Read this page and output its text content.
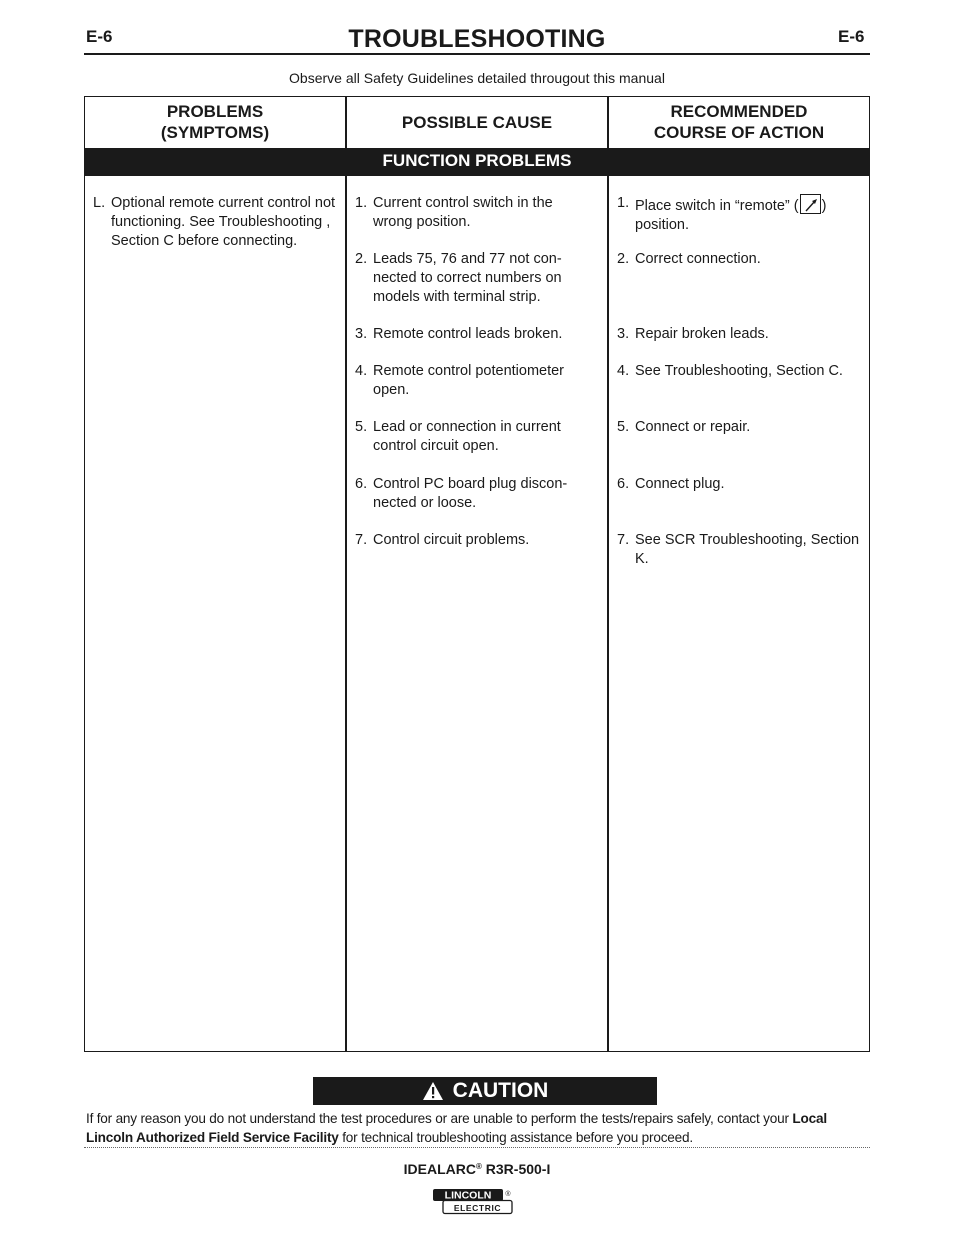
E-6	TROUBLESHOOTING	E-6
Observe all Safety Guidelines detailed througout this manual
PROBLEMS
(SYMPTOMS)
POSSIBLE CAUSE
RECOMMENDED
COURSE OF ACTION
FUNCTION PROBLEMS
L. Optional remote current control not functioning. See Troubleshooting , Section C before connecting.
1. Current control switch in the wrong position.
2. Leads 75, 76 and 77 not con- nected to correct numbers on models with terminal strip.
3. Remote control leads broken.
4. Remote control potentiometer open.
5. Lead or connection in current control circuit open.
6. Control PC board plug discon- nected or loose.
7. Control circuit problems.
1. Place switch in “remote” ( ) position.
2. Correct connection.
3. Repair broken leads.
4. See Troubleshooting, Section C.
5. Connect or repair.
6. Connect plug.
7. See SCR Troubleshooting, Section K.
CAUTION
If for any reason you do not understand the test procedures or are unable to perform the tests/repairs safely, contact your Local Lincoln Authorized Field Service Facility for technical troubleshooting assistance before you proceed.
IDEALARC® R3R-500-I
LINCOLN
ELECTRIC
®
